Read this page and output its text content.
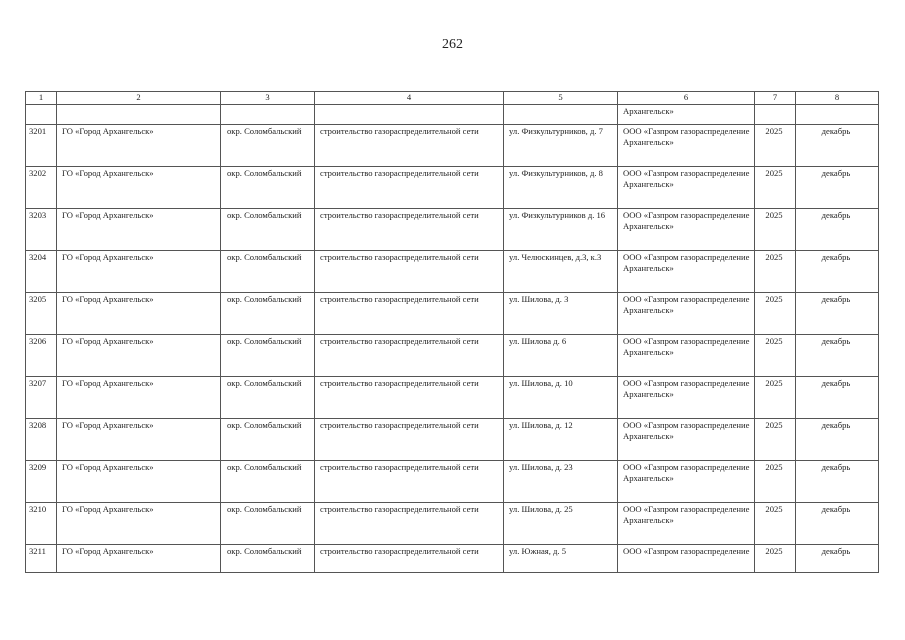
262
1	2	3	4	5	6	7	8
					Архангельск»		
3201	ГО «Город Архангельск»	окр. Соломбальский	строительство газораспределительной сети	ул. Физкультурников, д. 7	ООО «Газпром газораспределение Архангельск»	2025	декабрь
3202	ГО «Город Архангельск»	окр. Соломбальский	строительство газораспределительной сети	ул. Физкультурников, д. 8	ООО «Газпром газораспределение Архангельск»	2025	декабрь
3203	ГО «Город Архангельск»	окр. Соломбальский	строительство газораспределительной сети	ул. Физкультурников д. 16	ООО «Газпром газораспределение Архангельск»	2025	декабрь
3204	ГО «Город Архангельск»	окр. Соломбальский	строительство газораспределительной сети	ул. Челюскинцев, д.3, к.3	ООО «Газпром газораспределение Архангельск»	2025	декабрь
3205	ГО «Город Архангельск»	окр. Соломбальский	строительство газораспределительной сети	ул. Шилова, д. 3	ООО «Газпром газораспределение Архангельск»	2025	декабрь
3206	ГО «Город Архангельск»	окр. Соломбальский	строительство газораспределительной сети	ул. Шилова д. 6	ООО «Газпром газораспределение Архангельск»	2025	декабрь
3207	ГО «Город Архангельск»	окр. Соломбальский	строительство газораспределительной сети	ул. Шилова, д. 10	ООО «Газпром газораспределение Архангельск»	2025	декабрь
3208	ГО «Город Архангельск»	окр. Соломбальский	строительство газораспределительной сети	ул. Шилова, д. 12	ООО «Газпром газораспределение Архангельск»	2025	декабрь
3209	ГО «Город Архангельск»	окр. Соломбальский	строительство газораспределительной сети	ул. Шилова, д. 23	ООО «Газпром газораспределение Архангельск»	2025	декабрь
3210	ГО «Город Архангельск»	окр. Соломбальский	строительство газораспределительной сети	ул. Шилова, д. 25	ООО «Газпром газораспределение Архангельск»	2025	декабрь
3211	ГО «Город Архангельск»	окр. Соломбальский	строительство газораспределительной сети	ул. Южная, д. 5	ООО «Газпром газораспределение	2025	декабрь
